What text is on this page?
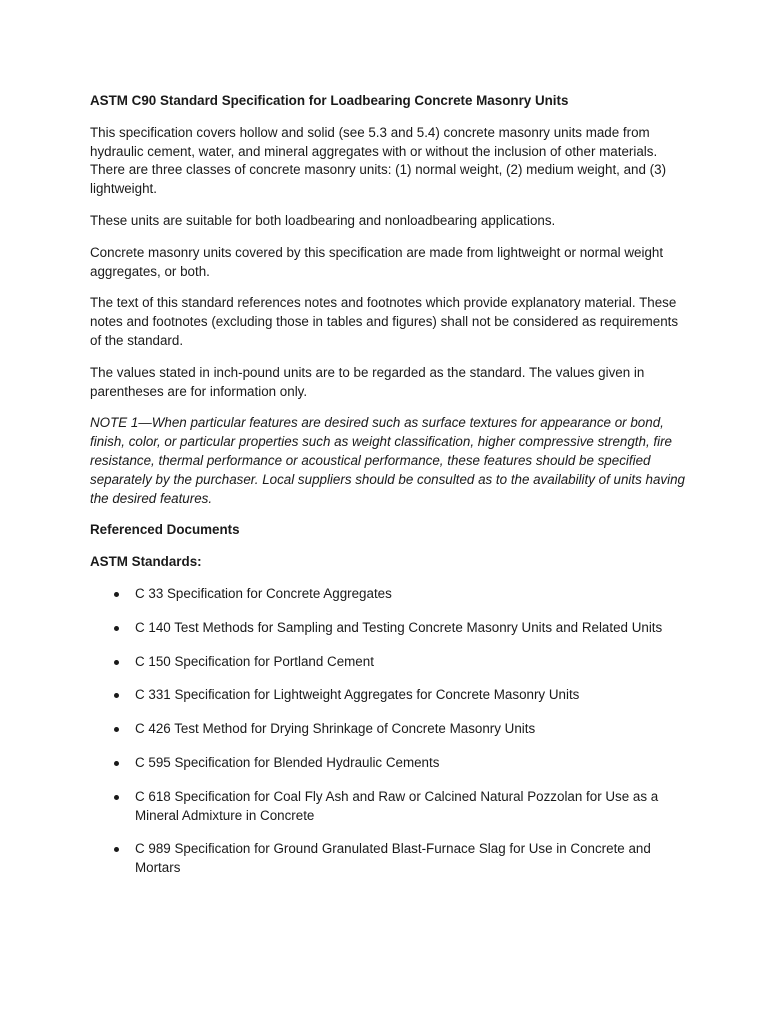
ASTM C90 Standard Specification for Loadbearing Concrete Masonry Units

This specification covers hollow and solid (see 5.3 and 5.4) concrete masonry units made from hydraulic cement, water, and mineral aggregates with or without the inclusion of other materials. There are three classes of concrete masonry units: (1) normal weight, (2) medium weight, and (3) lightweight.

These units are suitable for both loadbearing and nonloadbearing applications.

Concrete masonry units covered by this specification are made from lightweight or normal weight aggregates, or both.

The text of this standard references notes and footnotes which provide explanatory material. These notes and footnotes (excluding those in tables and figures) shall not be considered as requirements of the standard.

The values stated in inch-pound units are to be regarded as the standard. The values given in parentheses are for information only.

NOTE 1—When particular features are desired such as surface textures for appearance or bond, finish, color, or particular properties such as weight classification, higher compressive strength, fire resistance, thermal performance or acoustical performance, these features should be specified separately by the purchaser. Local suppliers should be consulted as to the availability of units having the desired features.

Referenced Documents
ASTM Standards:
C 33 Specification for Concrete Aggregates
C 140 Test Methods for Sampling and Testing Concrete Masonry Units and Related Units
C 150 Specification for Portland Cement
C 331 Specification for Lightweight Aggregates for Concrete Masonry Units
C 426 Test Method for Drying Shrinkage of Concrete Masonry Units
C 595 Specification for Blended Hydraulic Cements
C 618 Specification for Coal Fly Ash and Raw or Calcined Natural Pozzolan for Use as a Mineral Admixture in Concrete
C 989 Specification for Ground Granulated Blast-Furnace Slag for Use in Concrete and Mortars
